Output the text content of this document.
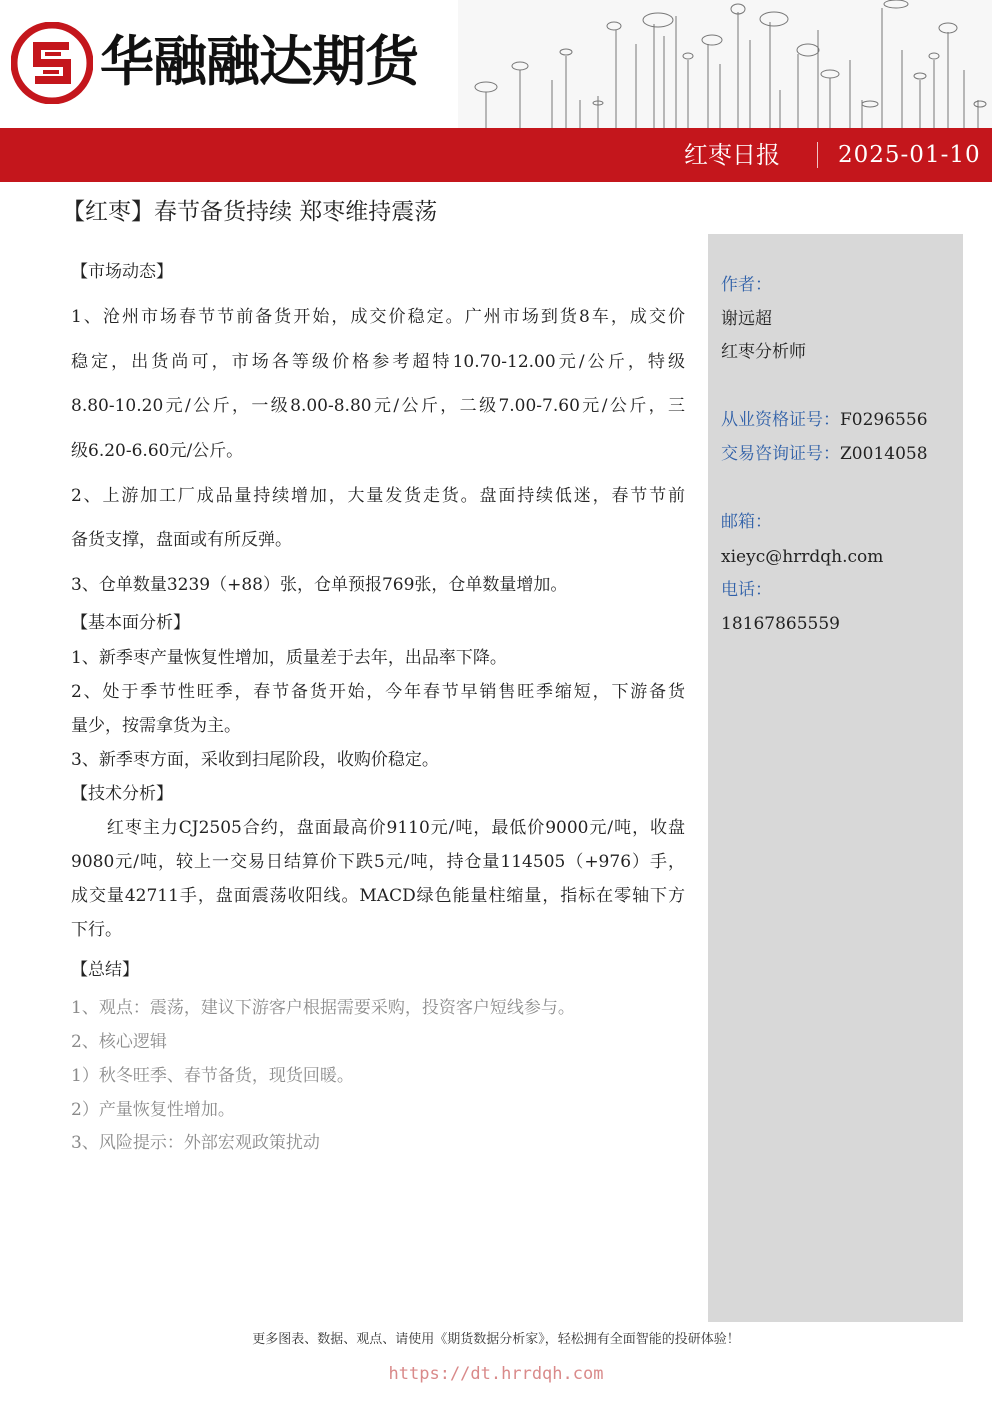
华融融达期货
红枣日报	2025-01-10
【红枣】春节备货持续 郑枣维持震荡
作者：
谢远超
红枣分析师
从业资格证号：F0296556
交易咨询证号：Z0014058
邮箱：
xieyc@hrrdqh.com
电话：
18167865559
【市场动态】
1、沧州市场春节节前备货开始，成交价稳定。广州市场到货8车，成交价
稳定，出货尚可，市场各等级价格参考超特10.70-12.00元/公斤，特级
8.80-10.20元/公斤，一级8.00-8.80元/公斤，二级7.00-7.60元/公斤，三
级6.20-6.60元/公斤。
2、上游加工厂成品量持续增加，大量发货走货。盘面持续低迷，春节节前
备货支撑，盘面或有所反弹。
3、仓单数量3239（+88）张，仓单预报769张，仓单数量增加。
【基本面分析】
1、新季枣产量恢复性增加，质量差于去年，出品率下降。
2、处于季节性旺季，春节备货开始，今年春节早销售旺季缩短，下游备货
量少，按需拿货为主。
3、新季枣方面，采收到扫尾阶段，收购价稳定。
【技术分析】
　　红枣主力CJ2505合约，盘面最高价9110元/吨，最低价9000元/吨，收盘
9080元/吨，较上一交易日结算价下跌5元/吨，持仓量114505（+976）手，
成交量42711手，盘面震荡收阳线。MACD绿色能量柱缩量，指标在零轴下方
下行。
【总结】
1、观点：震荡，建议下游客户根据需要采购，投资客户短线参与。
2、核心逻辑
1）秋冬旺季、春节备货，现货回暖。
2）产量恢复性增加。
3、风险提示：外部宏观政策扰动
更多图表、数据、观点、请使用《期货数据分析家》，轻松拥有全面智能的投研体验！
https://dt.hrrdqh.com
